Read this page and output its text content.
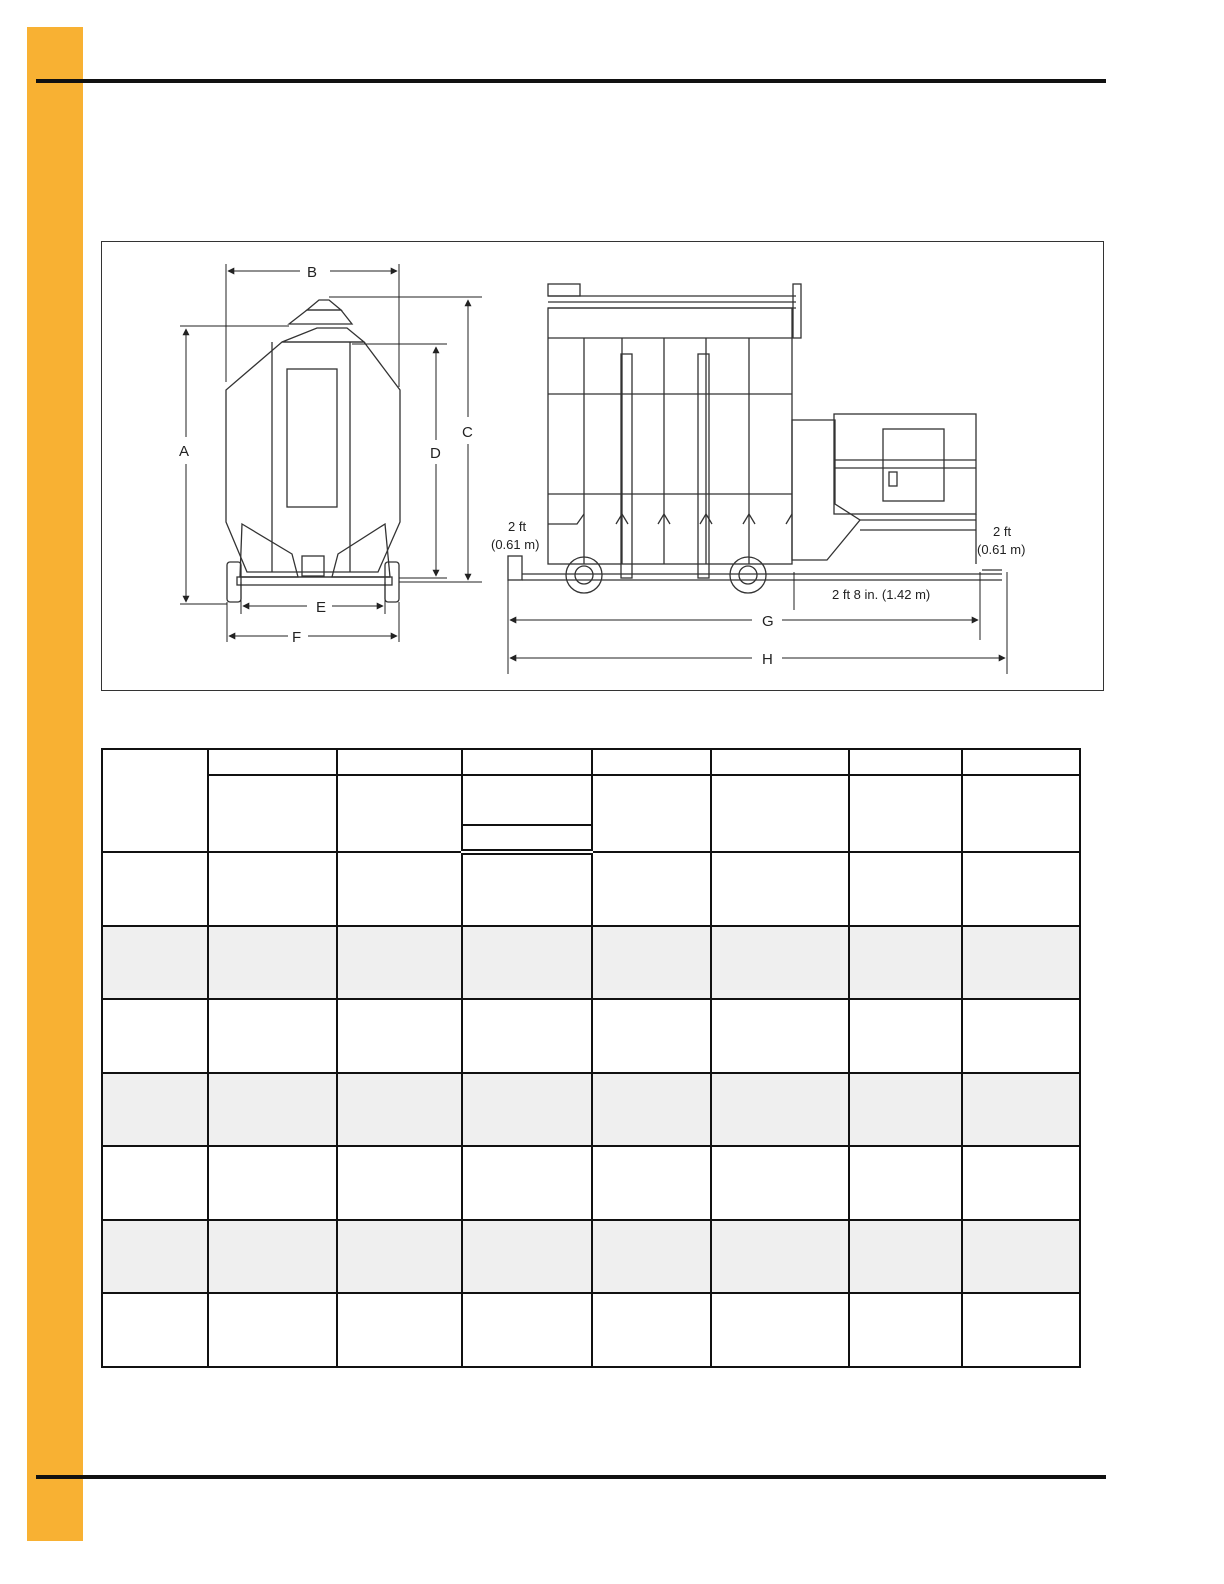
B
A
C
D
E
F
G
H
2 ft
(0.61 m)
2 ft
(0.61 m)
2 ft 8 in. (1.42 m)
